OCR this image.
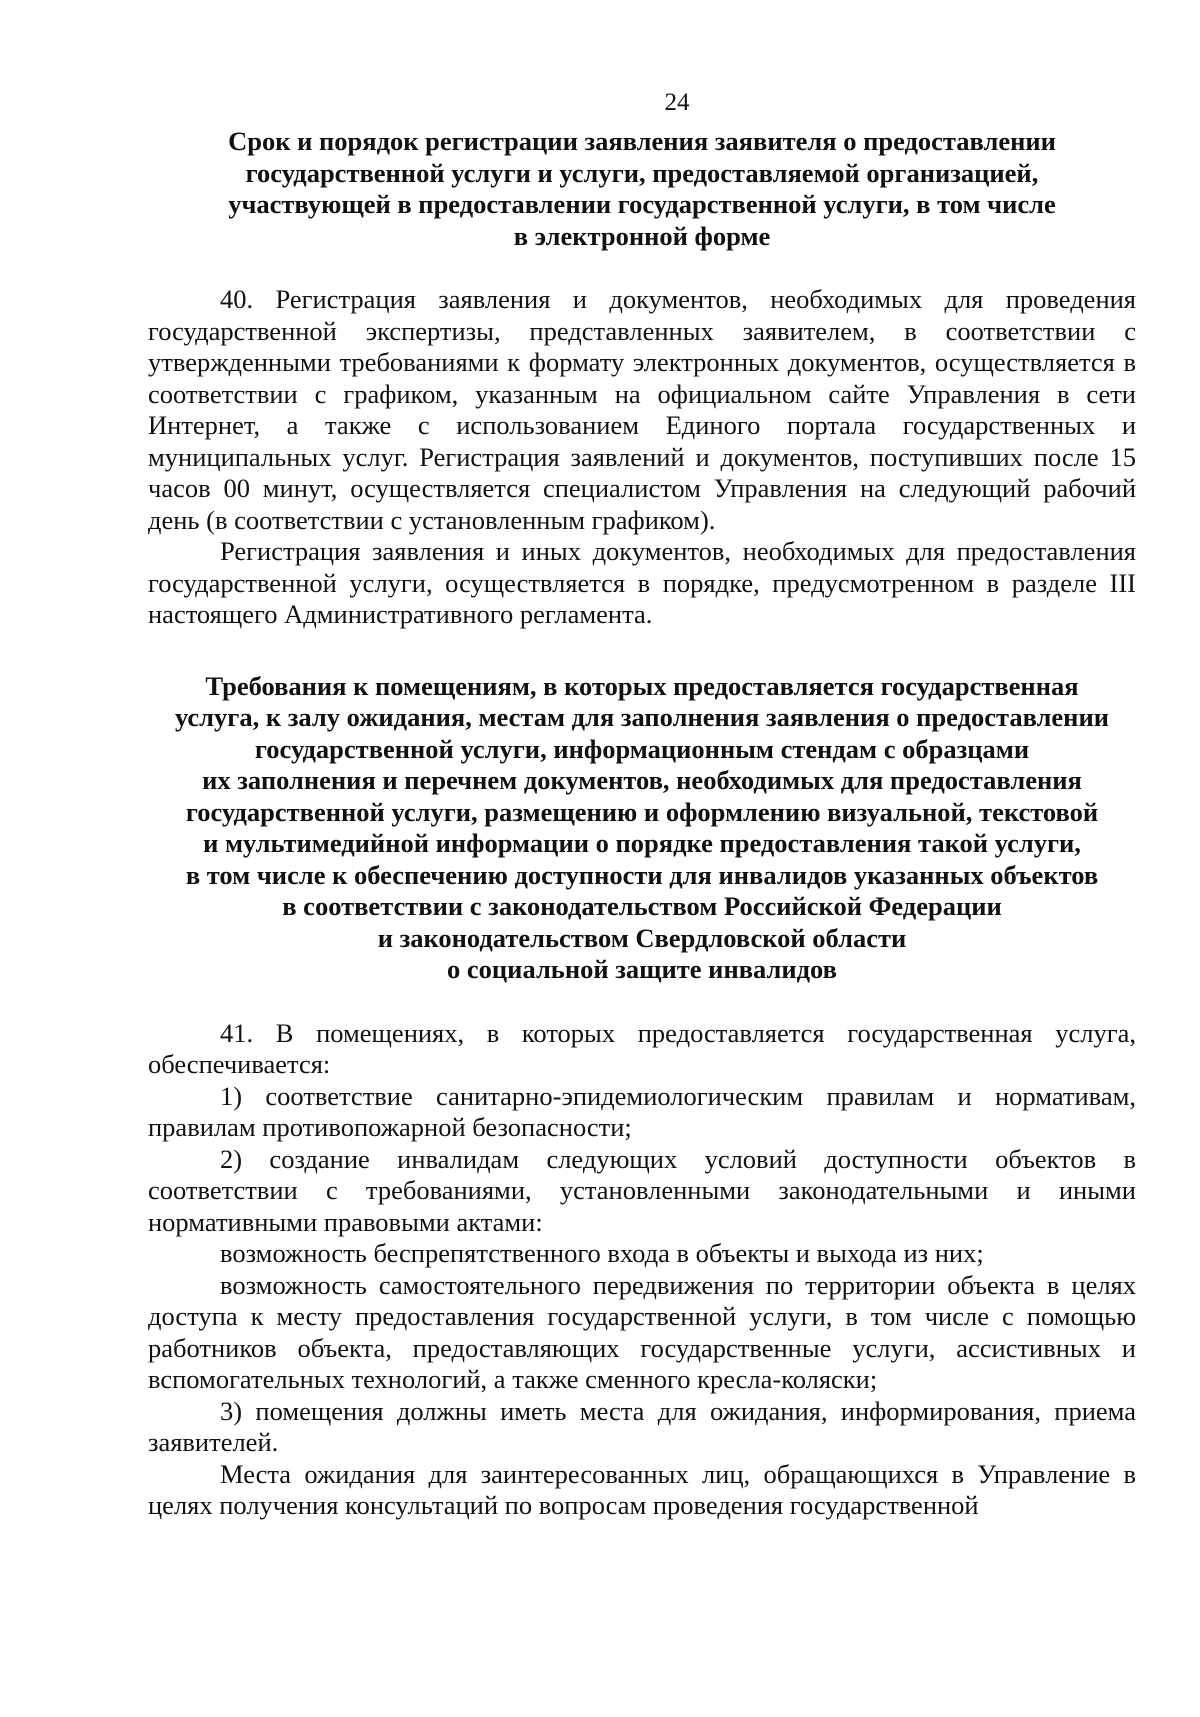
24
Срок и порядок регистрации заявления заявителя о предоставлении
государственной услуги и услуги, предоставляемой организацией,
участвующей в предоставлении государственной услуги, в том числе
в электронной форме

40. Регистрация заявления и документов, необходимых для проведения государственной экспертизы, представленных заявителем, в соответствии с утвержденными требованиями к формату электронных документов, осуществляется в соответствии с графиком, указанным на официальном сайте Управления в сети Интернет, а также с использованием Единого портала государственных и муниципальных услуг. Регистрация заявлений и документов, поступивших после 15 часов 00 минут, осуществляется специалистом Управления на следующий рабочий день (в соответствии с установленным графиком).

Регистрация заявления и иных документов, необходимых для предоставления государственной услуги, осуществляется в порядке, предусмотренном в разделе III настоящего Административного регламента.

Требования к помещениям, в которых предоставляется государственная
услуга, к залу ожидания, местам для заполнения заявления о предоставлении
государственной услуги, информационным стендам с образцами
их заполнения и перечнем документов, необходимых для предоставления
государственной услуги, размещению и оформлению визуальной, текстовой
и мультимедийной информации о порядке предоставления такой услуги,
в том числе к обеспечению доступности для инвалидов указанных объектов
в соответствии с законодательством Российской Федерации
и законодательством Свердловской области
о социальной защите инвалидов

41. В помещениях, в которых предоставляется государственная услуга, обеспечивается:

1) соответствие санитарно-эпидемиологическим правилам и нормативам, правилам противопожарной безопасности;

2) создание инвалидам следующих условий доступности объектов в соответствии с требованиями, установленными законодательными и иными нормативными правовыми актами:

возможность беспрепятственного входа в объекты и выхода из них;

возможность самостоятельного передвижения по территории объекта в целях доступа к месту предоставления государственной услуги, в том числе с помощью работников объекта, предоставляющих государственные услуги, ассистивных и вспомогательных технологий, а также сменного кресла-коляски;

3) помещения должны иметь места для ожидания, информирования, приема заявителей.

Места ожидания для заинтересованных лиц, обращающихся в Управление в целях получения консультаций по вопросам проведения государственной
